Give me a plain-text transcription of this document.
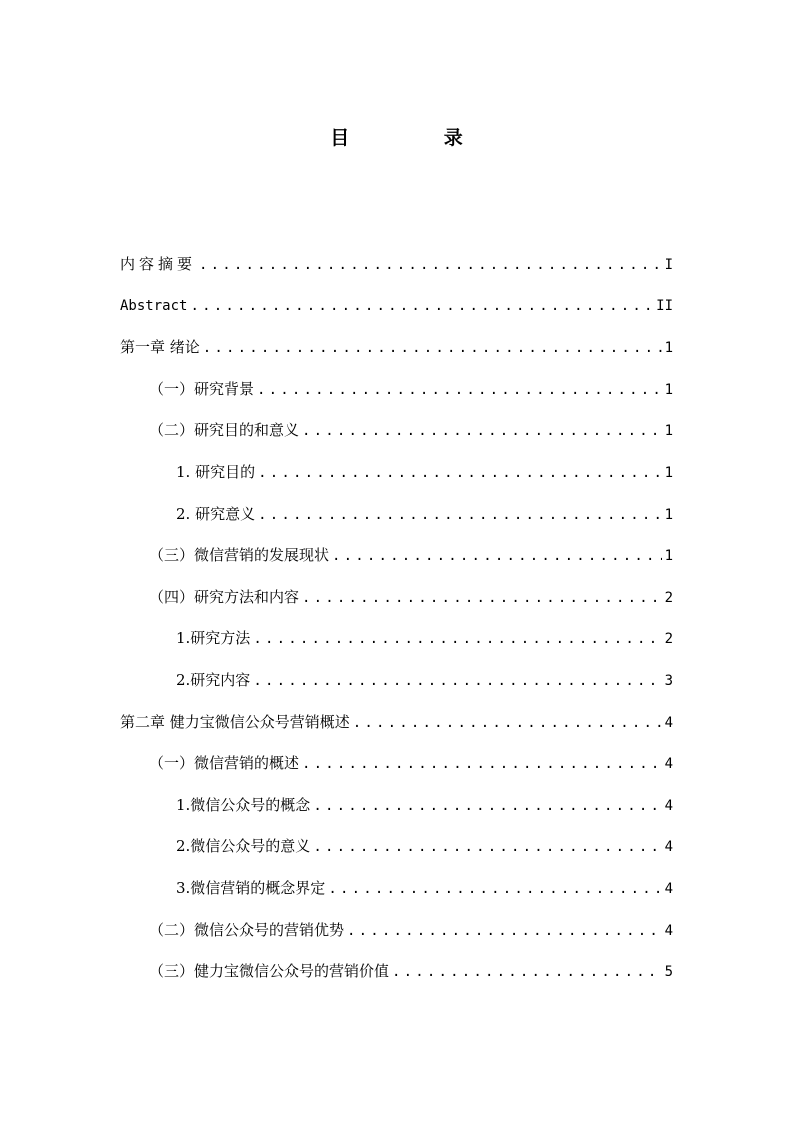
目 录
内容摘要 .....	I
Abstract .....	II
第一章 绪论 .....	1
（一）研究背景 .....	1
（二）研究目的和意义 .....	1
1. 研究目的 .....	1
2. 研究意义 .....	1
（三）微信营销的发展现状 .....	1
（四）研究方法和内容 .....	2
1.研究方法 .....	2
2.研究内容 .....	3
第二章 健力宝微信公众号营销概述 .....	4
（一）微信营销的概述 .....	4
1.微信公众号的概念 .....	4
2.微信公众号的意义 .....	4
3.微信营销的概念界定 .....	4
（二）微信公众号的营销优势 .....	4
（三）健力宝微信公众号的营销价值 .....	5
